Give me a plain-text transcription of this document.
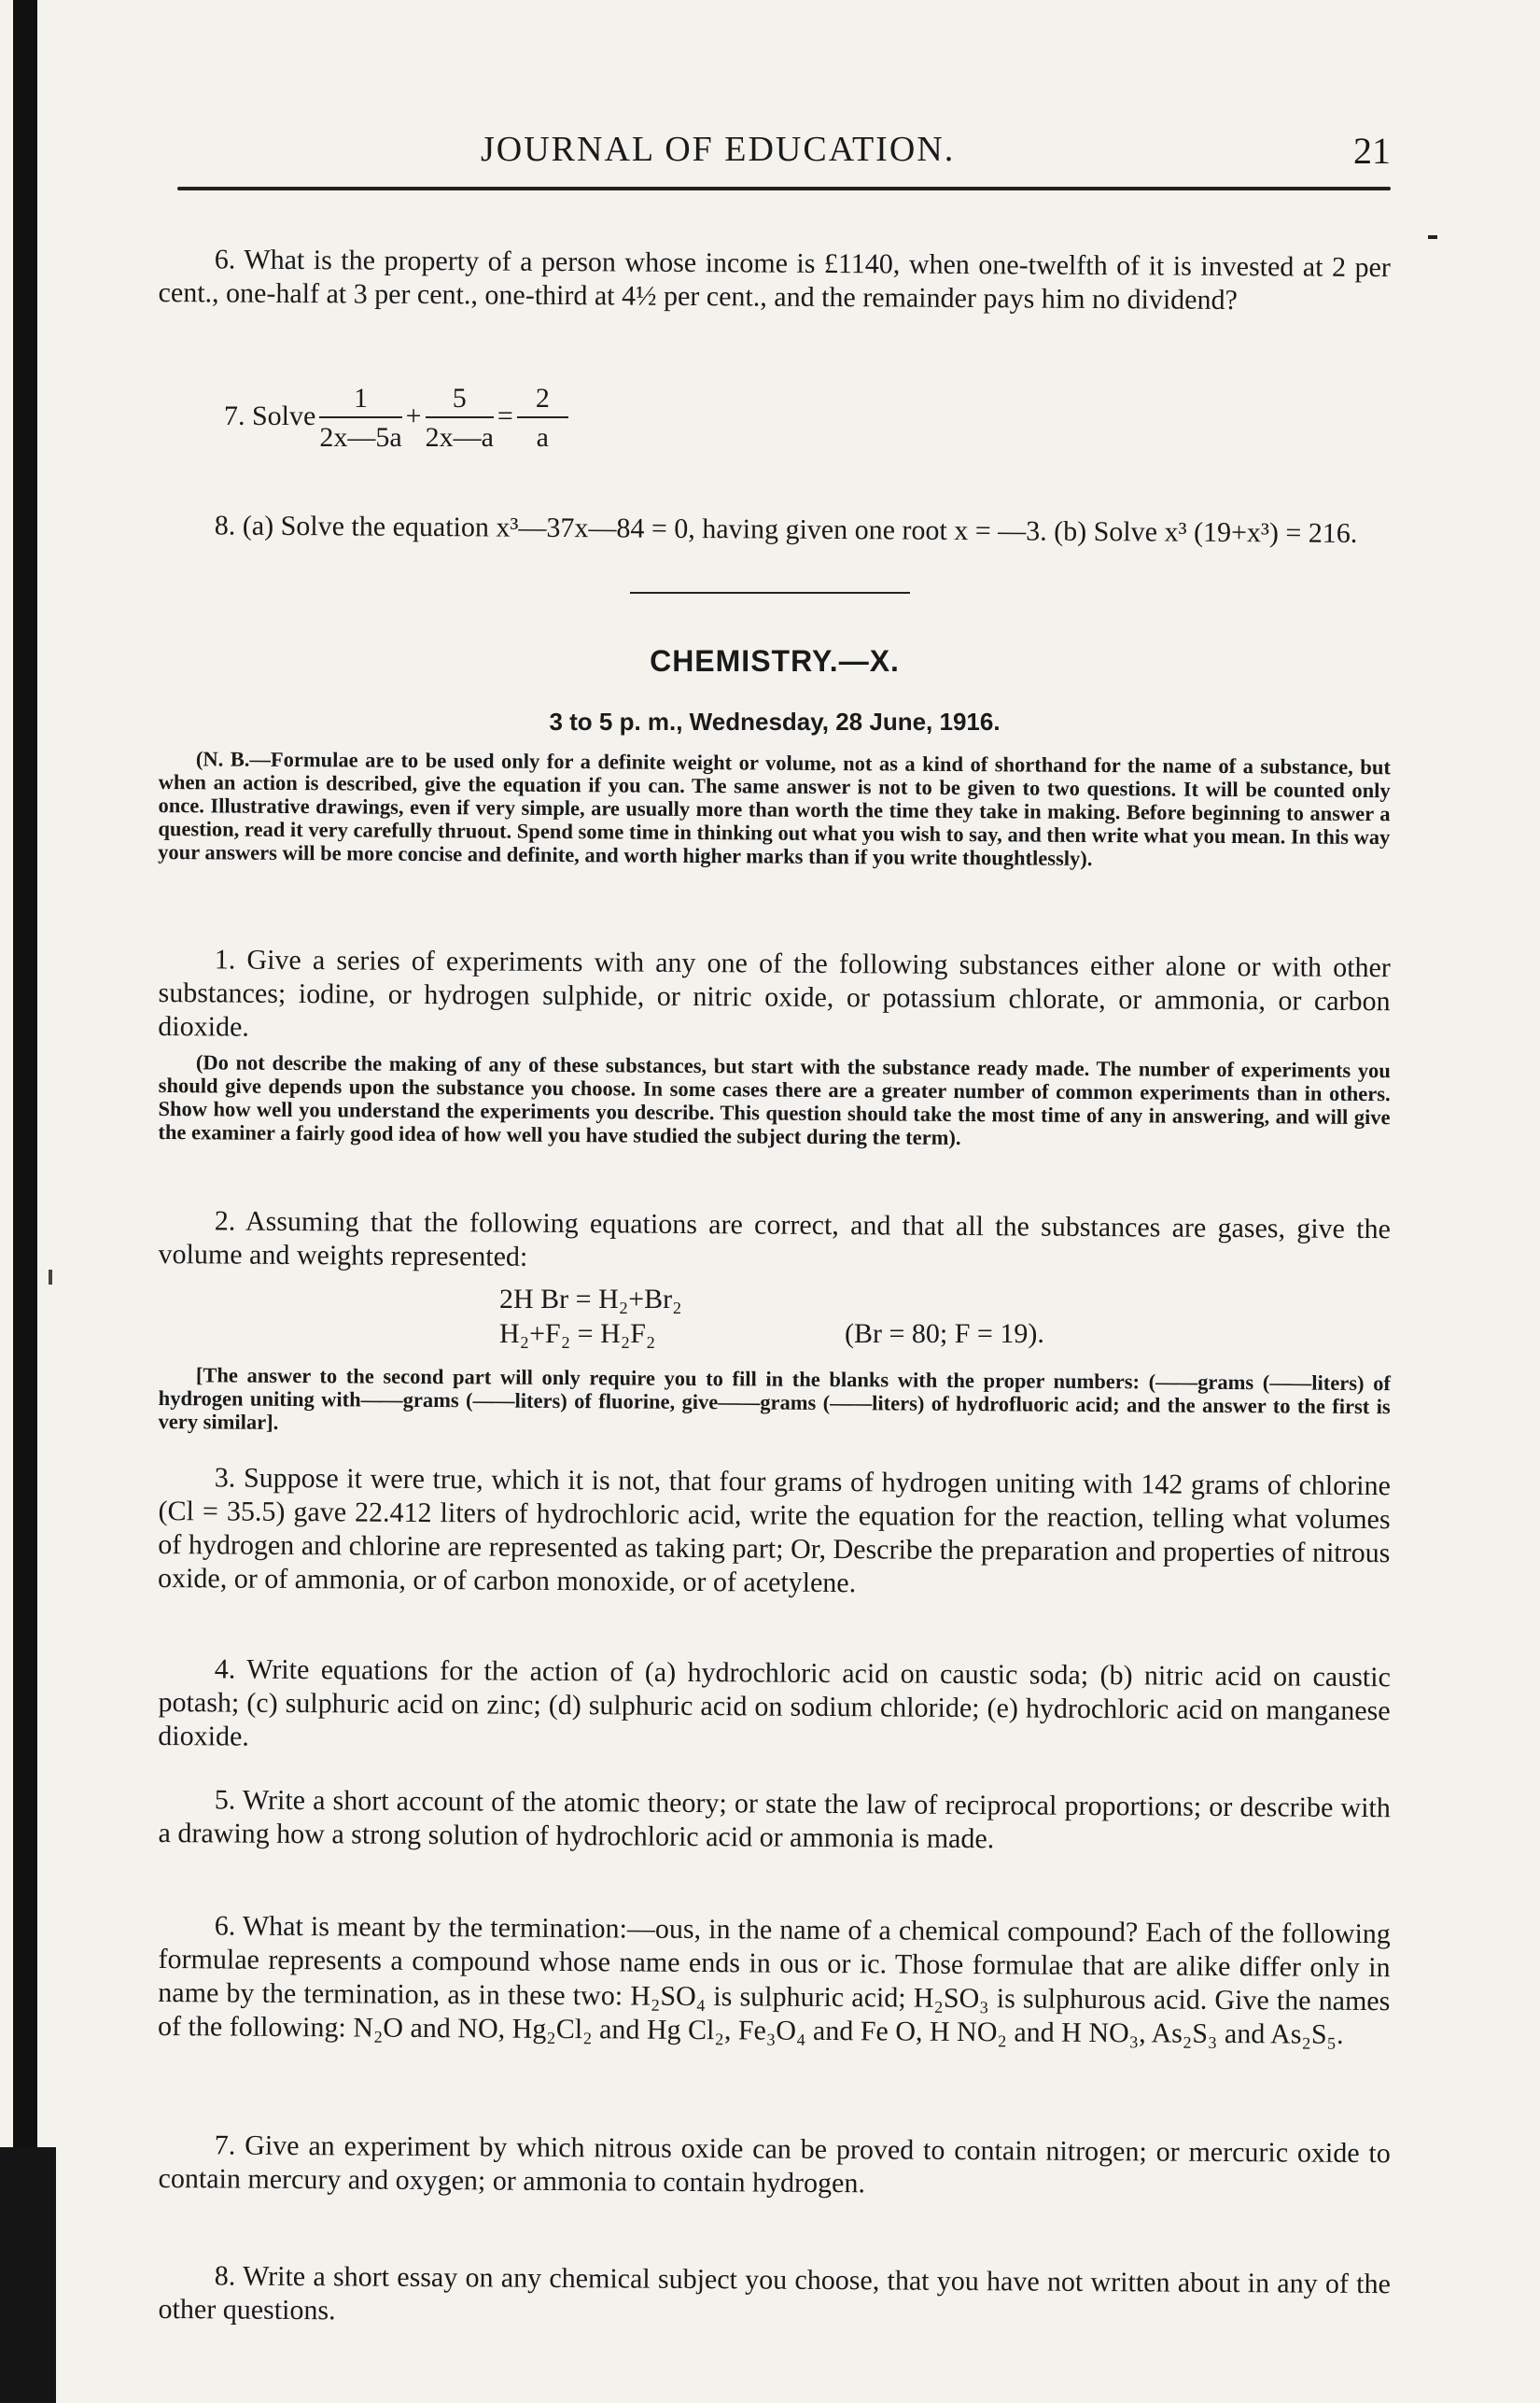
JOURNAL OF EDUCATION.	21
6. What is the property of a person whose income is £1140, when one-twelfth of it is invested at 2 per cent., one-half at 3 per cent., one-third at 4½ per cent., and the remainder pays him no dividend?
7. Solve $\frac{1}{2x—5a} + \frac{5}{2x—a} = \frac{2}{a}$
8. (a) Solve the equation x³—37x—84 = 0, having given one root x = —3. (b) Solve x³ (19+x³) = 216.
CHEMISTRY.—X.
3 to 5 p. m., Wednesday, 28 June, 1916.
(N. B.—Formulae are to be used only for a definite weight or volume, not as a kind of shorthand for the name of a substance, but when an action is described, give the equation if you can. The same answer is not to be given to two questions. It will be counted only once. Illustrative drawings, even if very simple, are usually more than worth the time they take in making. Before beginning to answer a question, read it very carefully thruout. Spend some time in thinking out what you wish to say, and then write what you mean. In this way your answers will be more concise and definite, and worth higher marks than if you write thoughtlessly).
1. Give a series of experiments with any one of the following substances either alone or with other substances; iodine, or hydrogen sulphide, or nitric oxide, or potassium chlorate, or ammonia, or carbon dioxide.
(Do not describe the making of any of these substances, but start with the substance ready made. The number of experiments you should give depends upon the substance you choose. In some cases there are a greater number of common experiments than in others. Show how well you understand the experiments you describe. This question should take the most time of any in answering, and will give the examiner a fairly good idea of how well you have studied the subject during the term).
2. Assuming that the following equations are correct, and that all the substances are gases, give the volume and weights represented:
2H Br = H₂+Br₂
H₂+F₂ = H₂F₂	(Br = 80; F = 19).
[The answer to the second part will only require you to fill in the blanks with the proper numbers: (——grams (——liters) of hydrogen uniting with——grams (——liters) of fluorine, give——grams (——liters) of hydrofluoric acid; and the answer to the first is very similar].
3. Suppose it were true, which it is not, that four grams of hydrogen uniting with 142 grams of chlorine (Cl = 35.5) gave 22.412 liters of hydrochloric acid, write the equation for the reaction, telling what volumes of hydrogen and chlorine are represented as taking part; Or, Describe the preparation and properties of nitrous oxide, or of ammonia, or of carbon monoxide, or of acetylene.
4. Write equations for the action of (a) hydrochloric acid on caustic soda; (b) nitric acid on caustic potash; (c) sulphuric acid on zinc; (d) sulphuric acid on sodium chloride; (e) hydrochloric acid on manganese dioxide.
5. Write a short account of the atomic theory; or state the law of reciprocal proportions; or describe with a drawing how a strong solution of hydrochloric acid or ammonia is made.
6. What is meant by the termination:—ous, in the name of a chemical compound? Each of the following formulae represents a compound whose name ends in ous or ic. Those formulae that are alike differ only in name by the termination, as in these two: H₂SO₄ is sulphuric acid; H₂SO₃ is sulphurous acid. Give the names of the following: N₂O and NO, Hg₂Cl₂ and Hg Cl₂, Fe₃O₄ and Fe O, H NO₂ and H NO₃, As₂S₃ and As₂S₅.
7. Give an experiment by which nitrous oxide can be proved to contain nitrogen; or mercuric oxide to contain mercury and oxygen; or ammonia to contain hydrogen.
8. Write a short essay on any chemical subject you choose, that you have not written about in any of the other questions.
